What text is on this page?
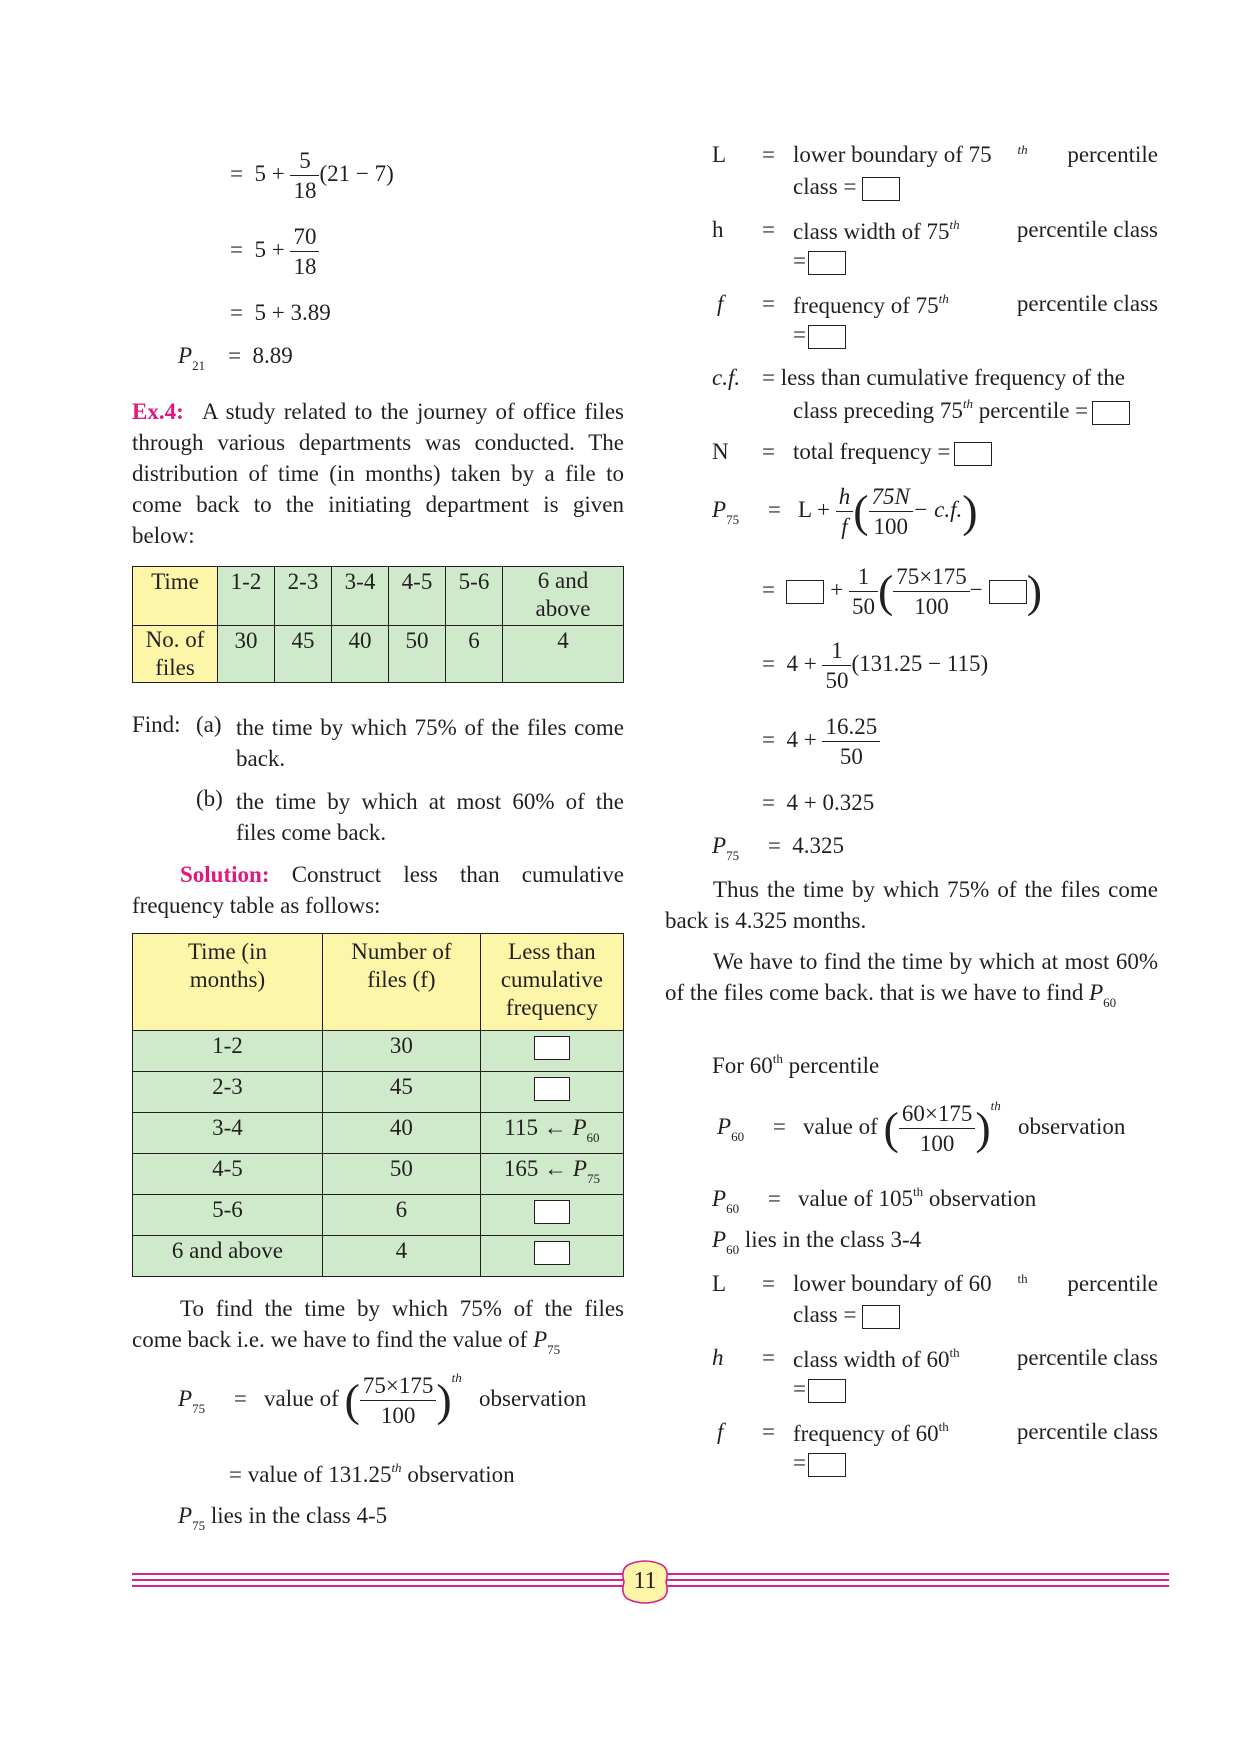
= $5 + \frac{5}{18} (21 - 7)$
= $5 + \frac{70}{18}$
= 5 + 3.89
$P_{21} = 8.89$
Ex.4: A study related to the journey of office files through various departments was conducted. The distribution of time (in months) taken by a file to come back to the initiating department is given below:
Time	1-2	2-3	3-4	4-5	5-6	6 and above
No. of files	30	45	40	50	6	4
Find: (a) the time by which 75% of the files come back.
(b) the time by which at most 60% of the files come back.
Solution: Construct less than cumulative frequency table as follows:
Time (in months)	Number of files (f)	Less than cumulative frequency
1-2	30	
2-3	45	
3-4	40	115 ← $P_{60}$
4-5	50	165 ← $P_{75}$
5-6	6	
6 and above	4	
To find the time by which 75% of the files come back i.e. we have to find the value of $P_{75}$
$P_{75}$ = value of ( $\frac{75\times 175}{100} )^{th}$   observation
= value of 131.25th observation
$P_{75}$ lies in the class 4-5
L = lower boundary of 75 $^{th}$ percentile
class =
h = class width of 75th percentile class
=
f = frequency of 75th	percentile class
=
c.f. = less than cumulative frequency of the
class preceding 75th percentile =
N = total frequency =
$P_{75} = L + \frac{h}{f}$ ( $\frac{75N}{100} - c.f$.)
= + $\frac{1}{50}$ ( $\frac{75\times 175}{100}$ − )
= $4 + \frac{1}{50} (131.25 - 115)$
= $4 + \frac{16.25}{50}$
= 4 + 0.325
$P_{75} = 4.325$
Thus the time by which 75% of the files come back is 4.325 months.
We have to find the time by which at most 60% of the files come back. that is we have to find $P_{60}$
For 60th percentile
$P_{60}$ = value of ( $\frac{60\times 175}{100} )^{th}$   observation
$P_{60}$ = value of 105th observation
$P_{60}$ lies in the class 3-4
L = lower boundary of 60 $^{th}$ percentile
class =
h = class width of 60th percentile class
=
f = frequency of 60th	percentile class
=
11
